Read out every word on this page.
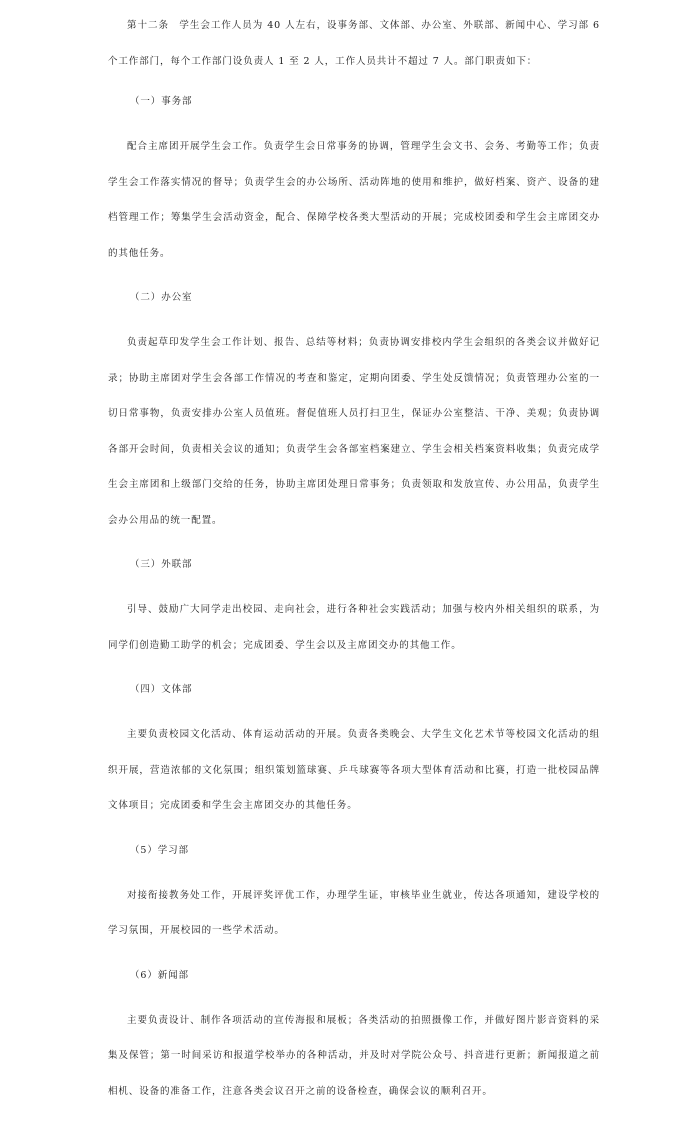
第十二条　学生会工作人员为 40 人左右，设事务部、文体部、办公室、外联部、新闻中心、学习部 6 个工作部门，每个工作部门设负责人 1 至 2 人，工作人员共计不超过 7 人。部门职责如下：

（一）事务部

配合主席团开展学生会工作。负责学生会日常事务的协调，管理学生会文书、会务、考勤等工作；负责学生会工作落实情况的督导；负责学生会的办公场所、活动阵地的使用和维护，做好档案、资产、设备的建档管理工作；筹集学生会活动资金，配合、保障学校各类大型活动的开展；完成校团委和学生会主席团交办的其他任务。

（二）办公室

负责起草印发学生会工作计划、报告、总结等材料；负责协调安排校内学生会组织的各类会议并做好记录；协助主席团对学生会各部工作情况的考查和鉴定，定期向团委、学生处反馈情况；负责管理办公室的一切日常事物，负责安排办公室人员值班。督促值班人员打扫卫生，保证办公室整洁、干净、美观；负责协调各部开会时间，负责相关会议的通知；负责学生会各部室档案建立、学生会相关档案资料收集；负责完成学生会主席团和上级部门交给的任务，协助主席团处理日常事务；负责领取和发放宣传、办公用品，负责学生会办公用品的统一配置。

（三）外联部

引导、鼓励广大同学走出校园、走向社会，进行各种社会实践活动；加强与校内外相关组织的联系，为同学们创造勤工助学的机会；完成团委、学生会以及主席团交办的其他工作。

（四）文体部

主要负责校园文化活动、体育运动活动的开展。负责各类晚会、大学生文化艺术节等校园文化活动的组织开展，营造浓郁的文化氛围；组织策划篮球赛、乒乓球赛等各项大型体育活动和比赛，打造一批校园品牌文体项目；完成团委和学生会主席团交办的其他任务。

（5）学习部

对接衔接教务处工作，开展评奖评优工作，办理学生证，审核毕业生就业，传达各项通知，建设学校的学习氛围，开展校园的一些学术活动。

（6）新闻部

主要负责设计、制作各项活动的宣传海报和展板；各类活动的拍照摄像工作，并做好图片影音资料的采集及保管；第一时间采访和报道学校举办的各种活动，并及时对学院公众号、抖音进行更新；新闻报道之前相机、设备的准备工作，注意各类会议召开之前的设备检查，确保会议的顺利召开。
